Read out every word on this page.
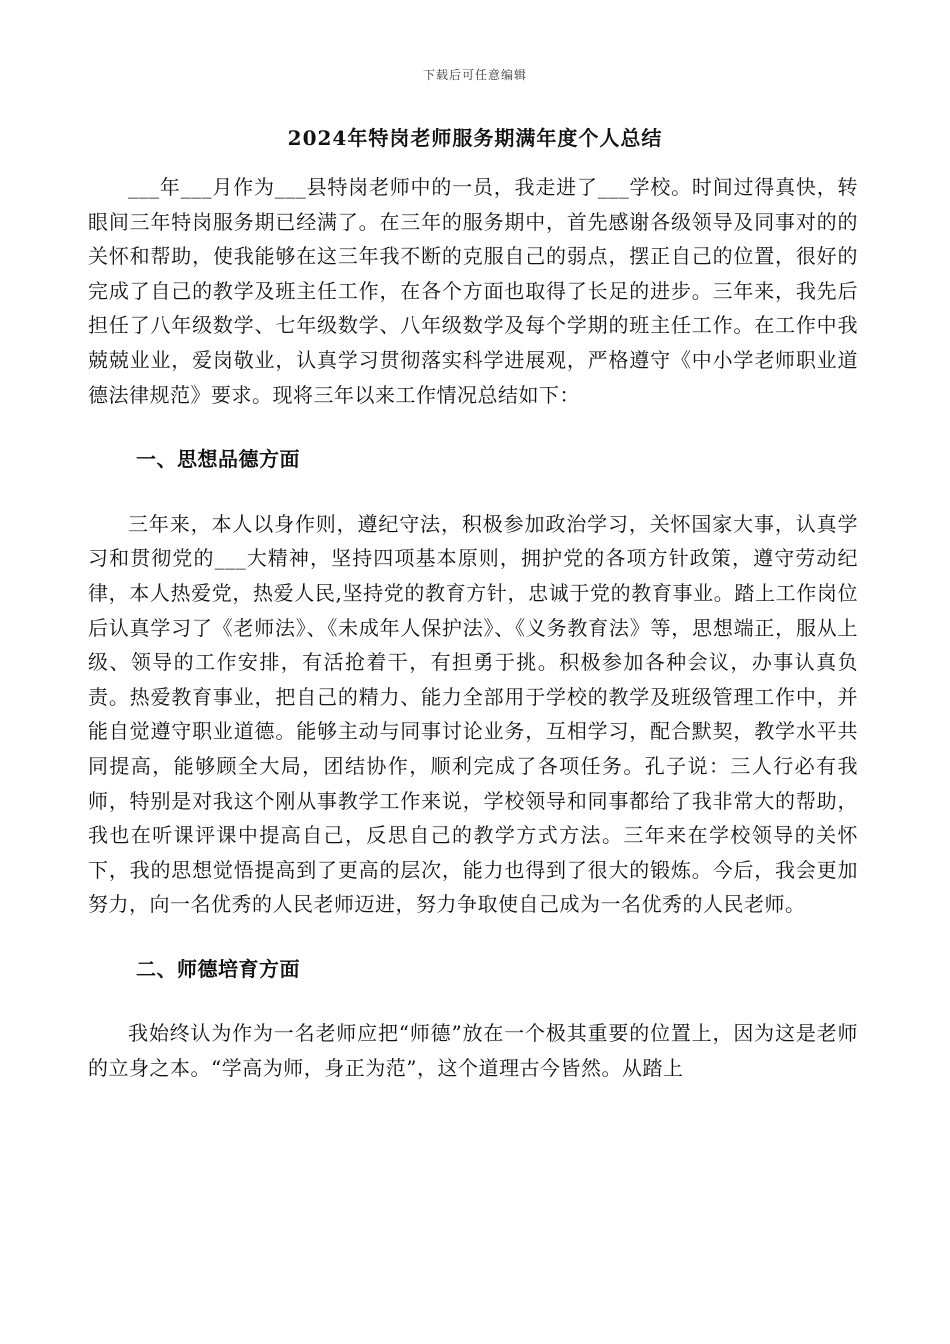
下载后可任意编辑
2024年特岗老师服务期满年度个人总结

___年___月作为___县特岗老师中的一员，我走进了___学校。时间过得真快，转眼间三年特岗服务期已经满了。在三年的服务期中，首先感谢各级领导及同事对的的关怀和帮助，使我能够在这三年我不断的克服自己的弱点，摆正自己的位置，很好的完成了自己的教学及班主任工作，在各个方面也取得了长足的进步。三年来，我先后担任了八年级数学、七年级数学、八年级数学及每个学期的班主任工作。在工作中我兢兢业业，爱岗敬业，认真学习贯彻落实科学进展观，严格遵守《中小学老师职业道德法律规范》要求。现将三年以来工作情况总结如下：

一、思想品德方面

三年来，本人以身作则，遵纪守法，积极参加政治学习，关怀国家大事，认真学习和贯彻党的___大精神，坚持四项基本原则，拥护党的各项方针政策，遵守劳动纪律，本人热爱党，热爱人民,坚持党的教育方针，忠诚于党的教育事业。踏上工作岗位后认真学习了《老师法》、《未成年人保护法》、《义务教育法》等，思想端正，服从上级、领导的工作安排，有活抢着干，有担勇于挑。积极参加各种会议，办事认真负责。热爱教育事业，把自己的精力、能力全部用于学校的教学及班级管理工作中，并能自觉遵守职业道德。能够主动与同事讨论业务，互相学习，配合默契，教学水平共同提高，能够顾全大局，团结协作，顺利完成了各项任务。孔子说：三人行必有我师，特别是对我这个刚从事教学工作来说，学校领导和同事都给了我非常大的帮助，我也在听课评课中提高自己，反思自己的教学方式方法。三年来在学校领导的关怀下，我的思想觉悟提高到了更高的层次，能力也得到了很大的锻炼。今后，我会更加努力，向一名优秀的人民老师迈进，努力争取使自己成为一名优秀的人民老师。

二、师德培育方面

我始终认为作为一名老师应把“师德”放在一个极其重要的位置上，因为这是老师的立身之本。“学高为师，身正为范”，这个道理古今皆然。从踏上
